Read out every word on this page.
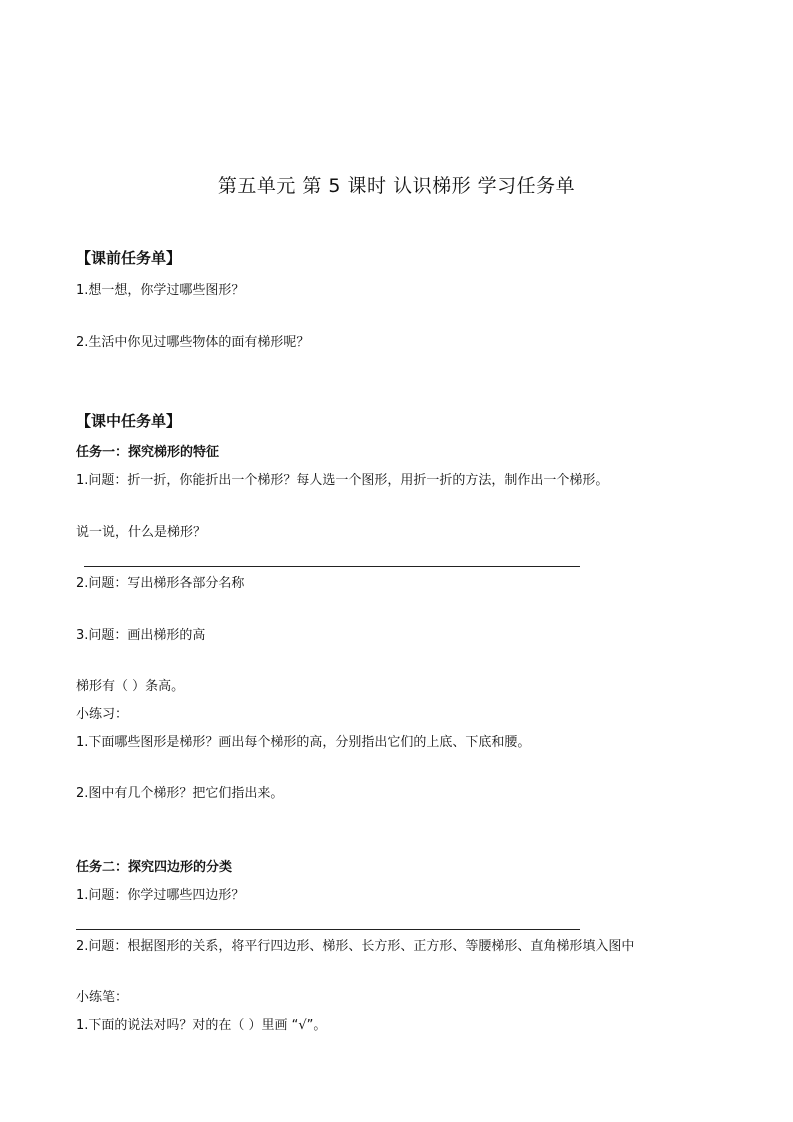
第五单元 第 5 课时 认识梯形 学习任务单
【课前任务单】
1.想一想，你学过哪些图形？
2.生活中你见过哪些物体的面有梯形呢？
【课中任务单】
任务一：探究梯形的特征
1.问题：折一折，你能折出一个梯形？每人选一个图形，用折一折的方法，制作出一个梯形。
说一说，什么是梯形？
2.问题：写出梯形各部分名称
3.问题：画出梯形的高
梯形有（ ）条高。
小练习：
1.下面哪些图形是梯形？画出每个梯形的高，分别指出它们的上底、下底和腰。
2.图中有几个梯形？把它们指出来。
任务二：探究四边形的分类
1.问题：你学过哪些四边形？
2.问题：根据图形的关系，将平行四边形、梯形、长方形、正方形、等腰梯形、直角梯形填入图中
小练笔：
1.下面的说法对吗？对的在（ ）里画 “√”。
